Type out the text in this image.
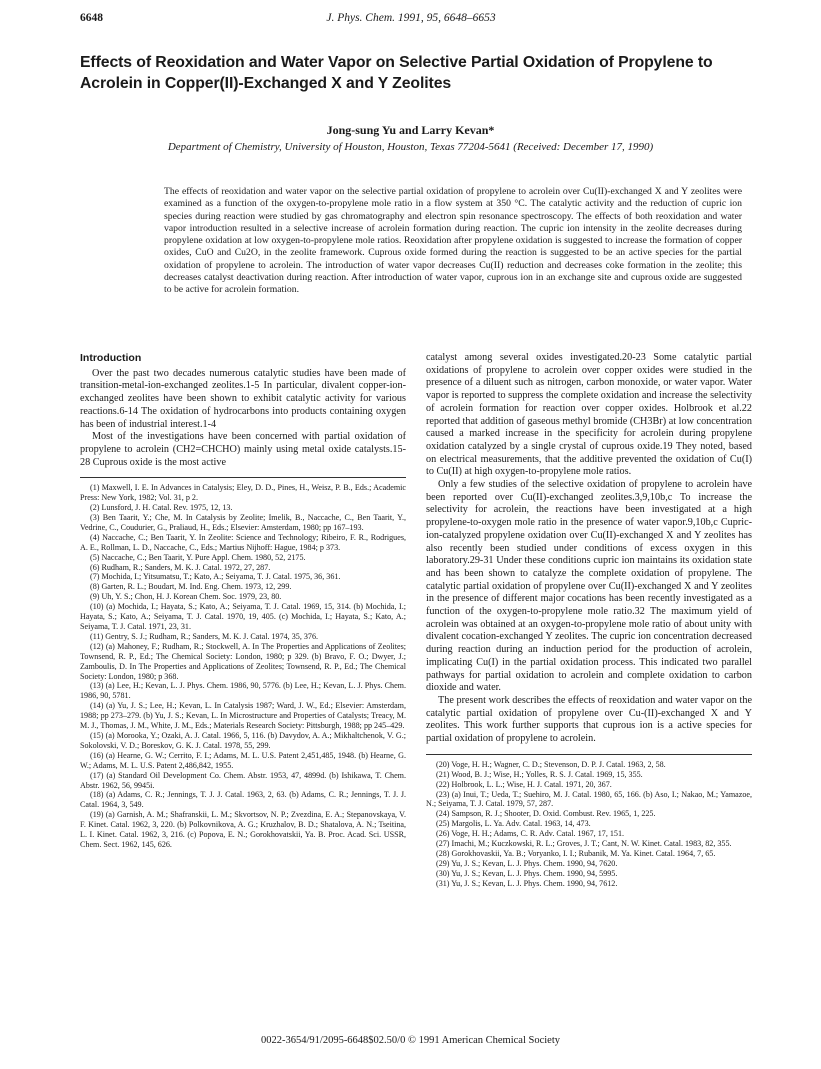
6648	J. Phys. Chem. 1991, 95, 6648–6653
Effects of Reoxidation and Water Vapor on Selective Partial Oxidation of Propylene to Acrolein in Copper(II)-Exchanged X and Y Zeolites
Jong-sung Yu and Larry Kevan*
Department of Chemistry, University of Houston, Houston, Texas 77204-5641 (Received: December 17, 1990)

The effects of reoxidation and water vapor on the selective partial oxidation of propylene to acrolein over Cu(II)-exchanged X and Y zeolites were examined as a function of the oxygen-to-propylene mole ratio in a flow system at 350 °C. The catalytic activity and the reduction of cupric ion species during reaction were studied by gas chromatography and electron spin resonance spectroscopy. The effects of both reoxidation and water vapor introduction resulted in a selective increase of acrolein formation during reaction. The cupric ion intensity in the zeolite decreases during propylene oxidation at low oxygen-to-propylene mole ratios. Reoxidation after propylene oxidation is suggested to increase the formation of copper oxides, CuO and Cu2O, in the zeolite framework. Cuprous oxide formed during the reaction is suggested to be an active species for the partial oxidation of propylene to acrolein. The introduction of water vapor decreases Cu(II) reduction and decreases coke formation in the zeolite; this decreases catalyst deactivation during reaction. After introduction of water vapor, cuprous ion in an exchange site and cuprous oxide are suggested to be active for acrolein formation.

Introduction

Over the past two decades numerous catalytic studies have been made of transition-metal-ion-exchanged zeolites.1-5 In particular, divalent copper-ion-exchanged zeolites have been shown to exhibit catalytic activity for various reactions.6-14 The oxidation of hydrocarbons into products containing oxygen has been of industrial interest.1-4

Most of the investigations have been concerned with partial oxidation of propylene to acrolein (CH2=CHCHO) mainly using metal oxide catalysts.15-28 Cuprous oxide is the most active

(1) Maxwell, I. E. In Advances in Catalysis; Eley, D. D., Pines, H., Weisz, P. B., Eds.; Academic Press: New York, 1982; Vol. 31, p 2.
(2) Lunsford, J. H. Catal. Rev. 1975, 12, 13.
(3) Ben Taarit, Y.; Che, M. In Catalysis by Zeolite; Imelik, B., Naccache, C., Ben Taarit, Y., Vedrine, C., Coudurier, G., Praliaud, H., Eds.; Elsevier: Amsterdam, 1980; pp 167–193.
(4) Naccache, C.; Ben Taarit, Y. In Zeolite: Science and Technology; Ribeiro, F. R., Rodrigues, A. E., Rollman, L. D., Naccache, C., Eds.; Martius Nijhoff: Hague, 1984; p 373.
(5) Naccache, C.; Ben Taarit, Y. Pure Appl. Chem. 1980, 52, 2175.
(6) Rudham, R.; Sanders, M. K. J. Catal. 1972, 27, 287.
(7) Mochida, I.; Yitsumatsu, T.; Kato, A.; Seiyama, T. J. Catal. 1975, 36, 361.
(8) Garten, R. L.; Boudart, M. Ind. Eng. Chem. 1973, 12, 299.
(9) Uh, Y. S.; Chon, H. J. Korean Chem. Soc. 1979, 23, 80.
(10) (a) Mochida, I.; Hayata, S.; Kato, A.; Seiyama, T. J. Catal. 1969, 15, 314. (b) Mochida, I.; Hayata, S.; Kato, A.; Seiyama, T. J. Catal. 1970, 19, 405. (c) Mochida, I.; Hayata, S.; Kato, A.; Seiyama, T. J. Catal. 1971, 23, 31.
(11) Gentry, S. J.; Rudham, R.; Sanders, M. K. J. Catal. 1974, 35, 376.
(12) (a) Mahoney, F.; Rudham, R.; Stockwell, A. In The Properties and Applications of Zeolites; Townsend, R. P., Ed.; The Chemical Society: London, 1980; p 329. (b) Bravo, F. O.; Dwyer, J.; Zamboulis, D. In The Properties and Applications of Zeolites; Townsend, R. P., Ed.; The Chemical Society: London, 1980; p 368.
(13) (a) Lee, H.; Kevan, L. J. Phys. Chem. 1986, 90, 5776. (b) Lee, H.; Kevan, L. J. Phys. Chem. 1986, 90, 5781.
(14) (a) Yu, J. S.; Lee, H.; Kevan, L. In Catalysis 1987; Ward, J. W., Ed.; Elsevier: Amsterdam, 1988; pp 273–279. (b) Yu, J. S.; Kevan, L. In Microstructure and Properties of Catalysts; Treacy, M. M. J., Thomas, J. M., White, J. M., Eds.; Materials Research Society: Pittsburgh, 1988; pp 245–429.
(15) (a) Morooka, Y.; Ozaki, A. J. Catal. 1966, 5, 116. (b) Davydov, A. A.; Mikhaltchenok, V. G.; Sokolovski, V. D.; Boreskov, G. K. J. Catal. 1978, 55, 299.
(16) (a) Hearne, G. W.; Cerrito, F. I.; Adams, M. L. U.S. Patent 2,451,485, 1948. (b) Hearne, G. W.; Adams, M. L. U.S. Patent 2,486,842, 1955.
(17) (a) Standard Oil Development Co. Chem. Abstr. 1953, 47, 4899d. (b) Ishikawa, T. Chem. Abstr. 1962, 56, 9945i.
(18) (a) Adams, C. R.; Jennings, T. J. J. Catal. 1963, 2, 63. (b) Adams, C. R.; Jennings, T. J. J. Catal. 1964, 3, 549.
(19) (a) Garnish, A. M.; Shafranskii, L. M.; Skvortsov, N. P.; Zvezdina, E. A.; Stepanovskaya, V. F. Kinet. Catal. 1962, 3, 220. (b) Polkovnikova, A. G.; Kruzhalov, B. D.; Shatalova, A. N.; Tseitina, L. I. Kinet. Catal. 1962, 3, 216. (c) Popova, E. N.; Gorokhovatskii, Ya. B. Proc. Acad. Sci. USSR, Chem. Sect. 1962, 145, 626.

catalyst among several oxides investigated.20-23 Some catalytic partial oxidations of propylene to acrolein over copper oxides were studied in the presence of a diluent such as nitrogen, carbon monoxide, or water vapor. Water vapor is reported to suppress the complete oxidation and increase the selectivity of acrolein formation for reaction over copper oxides. Holbrook et al.22 reported that addition of gaseous methyl bromide (CH3Br) at low concentration caused a marked increase in the specificity for acrolein during propylene oxidation catalyzed by a single crystal of cuprous oxide.19 They noted, based on electrical measurements, that the additive prevented the oxidation of Cu(I) to Cu(II) at high oxygen-to-propylene mole ratios.

Only a few studies of the selective oxidation of propylene to acrolein have been reported over Cu(II)-exchanged zeolites.3,9,10b,c To increase the selectivity for acrolein, the reactions have been investigated at a high propylene-to-oxygen mole ratio in the presence of water vapor.9,10b,c Cupric-ion-catalyzed propylene oxidation over Cu(II)-exchanged X and Y zeolites has also recently been studied under conditions of excess oxygen in this laboratory.29-31 Under these conditions cupric ion maintains its oxidation state and has been shown to catalyze the complete oxidation of propylene. The catalytic partial oxidation of propylene over Cu(II)-exchanged X and Y zeolites in the presence of different major cocations has been recently investigated as a function of the oxygen-to-propylene mole ratio.32 The maximum yield of acrolein was obtained at an oxygen-to-propylene mole ratio of about unity with divalent cocation-exchanged Y zeolites. The cupric ion concentration decreased during reaction during an induction period for the production of acrolein, implicating Cu(I) in the partial oxidation process. This indicated two parallel pathways for partial oxidation to acrolein and complete oxidation to carbon dioxide and water.

The present work describes the effects of reoxidation and water vapor on the catalytic partial oxidation of propylene over Cu-(II)-exchanged X and Y zeolites. This work further supports that cuprous ion is a active species for partial oxidation of propylene to acrolein.

(20) Voge, H. H.; Wagner, C. D.; Stevenson, D. P. J. Catal. 1963, 2, 58.
(21) Wood, B. J.; Wise, H.; Yolles, R. S. J. Catal. 1969, 15, 355.
(22) Holbrook, L. L.; Wise, H. J. Catal. 1971, 20, 367.
(23) (a) Inui, T.; Ueda, T.; Suehiro, M. J. Catal. 1980, 65, 166. (b) Aso, I.; Nakao, M.; Yamazoe, N.; Seiyama, T. J. Catal. 1979, 57, 287.
(24) Sampson, R. J.; Shooter, D. Oxid. Combust. Rev. 1965, 1, 225.
(25) Margolis, L. Ya. Adv. Catal. 1963, 14, 473.
(26) Voge, H. H.; Adams, C. R. Adv. Catal. 1967, 17, 151.
(27) Imachi, M.; Kuczkowski, R. L.; Groves, J. T.; Cant, N. W. Kinet. Catal. 1983, 82, 355.
(28) Gorokhovaskii, Ya. B.; Voryanko, I. I.; Rubanik, M. Ya. Kinet. Catal. 1964, 7, 65.
(29) Yu, J. S.; Kevan, L. J. Phys. Chem. 1990, 94, 7620.
(30) Yu, J. S.; Kevan, L. J. Phys. Chem. 1990, 94, 5995.
(31) Yu, J. S.; Kevan, L. J. Phys. Chem. 1990, 94, 7612.
0022-3654/91/2095-6648$02.50/0 © 1991 American Chemical Society
